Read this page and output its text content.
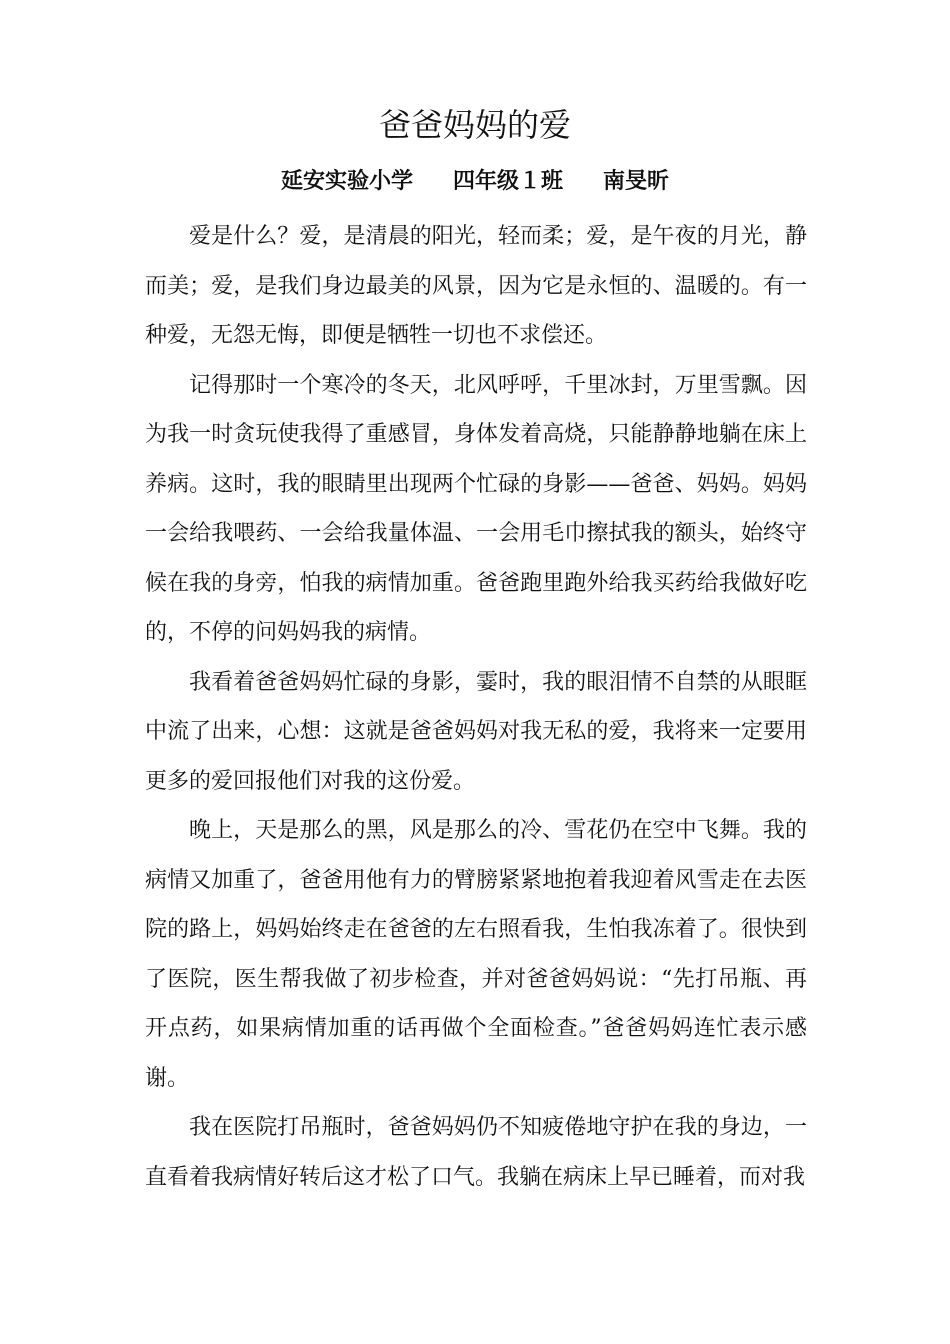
爸爸妈妈的爱
延安实验小学 四年级１班 南旻昕

爱是什么？爱，是清晨的阳光，轻而柔；爱，是午夜的月光，静而美；爱，是我们身边最美的风景，因为它是永恒的、温暖的。有一种爱，无怨无悔，即便是牺牲一切也不求偿还。

记得那时一个寒冷的冬天，北风呼呼，千里冰封，万里雪飘。因为我一时贪玩使我得了重感冒，身体发着高烧，只能静静地躺在床上养病。这时，我的眼睛里出现两个忙碌的身影——爸爸、妈妈。妈妈一会给我喂药、一会给我量体温、一会用毛巾擦拭我的额头，始终守候在我的身旁，怕我的病情加重。爸爸跑里跑外给我买药给我做好吃的，不停的问妈妈我的病情。

我看着爸爸妈妈忙碌的身影，霎时，我的眼泪情不自禁的从眼眶中流了出来，心想：这就是爸爸妈妈对我无私的爱，我将来一定要用更多的爱回报他们对我的这份爱。

晚上，天是那么的黑，风是那么的冷、雪花仍在空中飞舞。我的病情又加重了，爸爸用他有力的臂膀紧紧地抱着我迎着风雪走在去医院的路上，妈妈始终走在爸爸的左右照看我，生怕我冻着了。很快到了医院，医生帮我做了初步检查，并对爸爸妈妈说：“先打吊瓶、再开点药，如果病情加重的话再做个全面检查。”爸爸妈妈连忙表示感谢。

我在医院打吊瓶时，爸爸妈妈仍不知疲倦地守护在我的身边，一直看着我病情好转后这才松了口气。我躺在病床上早已睡着，而对我
